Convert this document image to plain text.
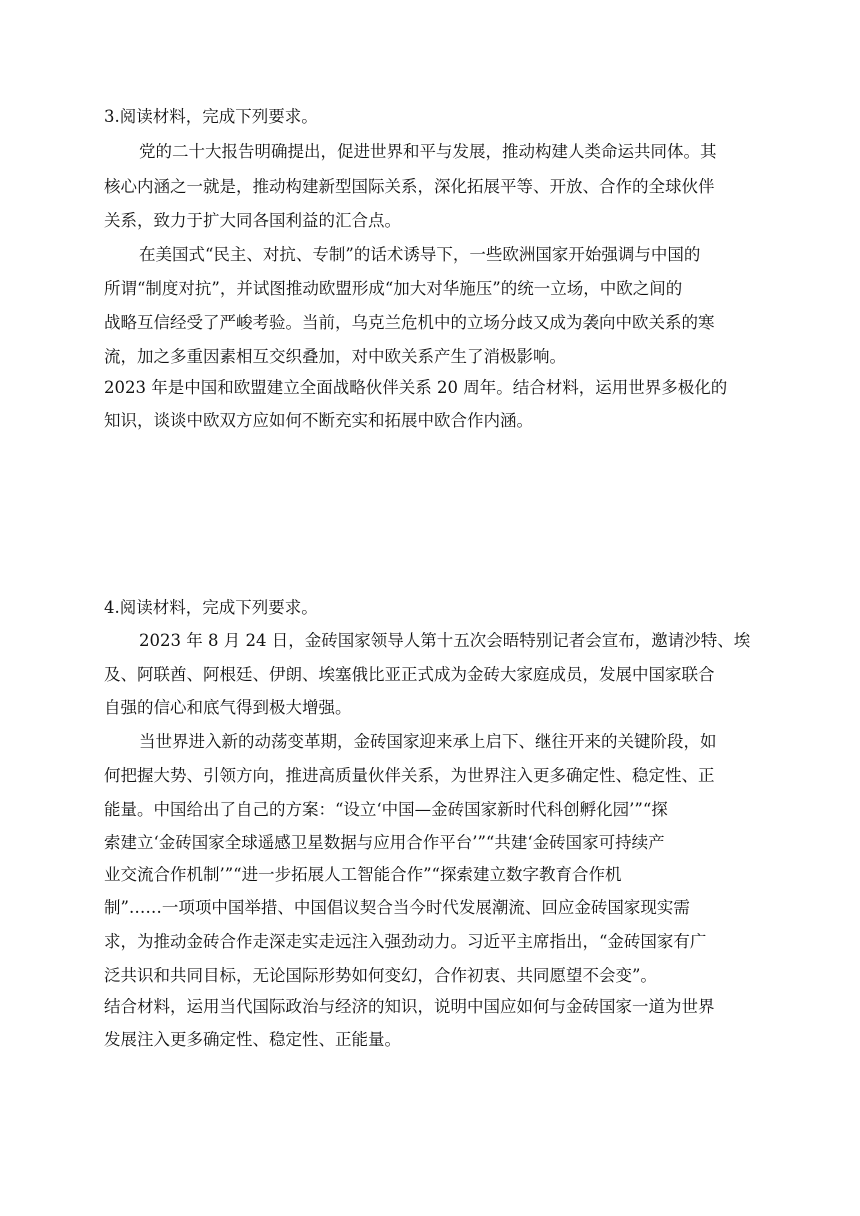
3.阅读材料，完成下列要求。
党的二十大报告明确提出，促进世界和平与发展，推动构建人类命运共同体。其
核心内涵之一就是，推动构建新型国际关系，深化拓展平等、开放、合作的全球伙伴
关系，致力于扩大同各国利益的汇合点。
在美国式“民主、对抗、专制”的话术诱导下，一些欧洲国家开始强调与中国的
所谓“制度对抗”，并试图推动欧盟形成“加大对华施压”的统一立场，中欧之间的
战略互信经受了严峻考验。当前，乌克兰危机中的立场分歧又成为袭向中欧关系的寒
流，加之多重因素相互交织叠加，对中欧关系产生了消极影响。
2023 年是中国和欧盟建立全面战略伙伴关系 20 周年。结合材料，运用世界多极化的
知识，谈谈中欧双方应如何不断充实和拓展中欧合作内涵。
4.阅读材料，完成下列要求。
2023 年 8 月 24 日，金砖国家领导人第十五次会晤特别记者会宣布，邀请沙特、埃
及、阿联酋、阿根廷、伊朗、埃塞俄比亚正式成为金砖大家庭成员，发展中国家联合
自强的信心和底气得到极大增强。
当世界进入新的动荡变革期，金砖国家迎来承上启下、继往开来的关键阶段，如
何把握大势、引领方向，推进高质量伙伴关系，为世界注入更多确定性、稳定性、正
能量。中国给出了自己的方案：“设立‘中国—金砖国家新时代科创孵化园’”“探
索建立‘金砖国家全球遥感卫星数据与应用合作平台’”“共建‘金砖国家可持续产
业交流合作机制’”“进一步拓展人工智能合作”“探索建立数字教育合作机
制”……一项项中国举措、中国倡议契合当今时代发展潮流、回应金砖国家现实需
求，为推动金砖合作走深走实走远注入强劲动力。习近平主席指出，“金砖国家有广
泛共识和共同目标，无论国际形势如何变幻，合作初衷、共同愿望不会变”。
结合材料，运用当代国际政治与经济的知识，说明中国应如何与金砖国家一道为世界
发展注入更多确定性、稳定性、正能量。
